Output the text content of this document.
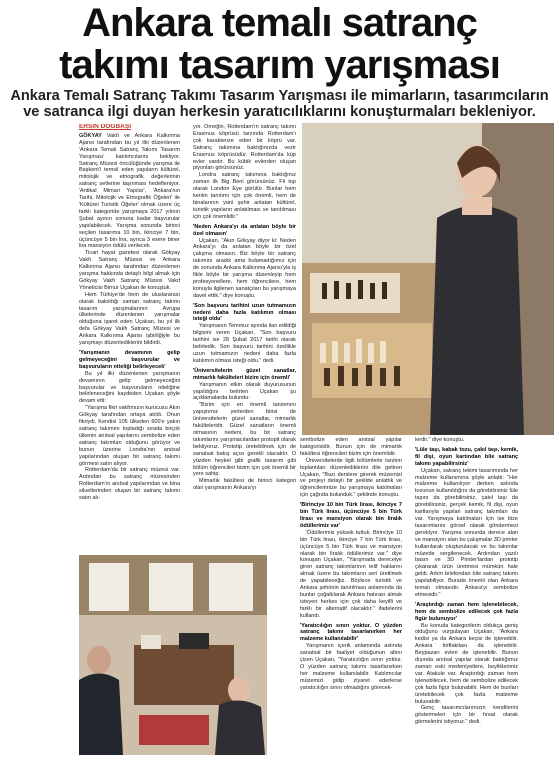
Ankara temalı satranç
takımı tasarım yarışması
Ankara Temalı Satranç Takımı Tasarım Yarışması ile mimarların, tasarımcıların
ve satranca ilgi duyan herkesin yaratıcılıklarını konuşturmaları bekleniyor.
ERSİN DOĞBAŞI

GÖKYAY Vakfı ve Ankara Kalkınma Ajansı tarafından bu yıl ilki düzenlenen 'Ankara Temalı Satranç Takımı Tasarım Yarışması' katılımcılarını bekliyor. Satranç Müzesi öncülüğünde yarışma ile Başkent'i temsil eden yapıların kültürel, mitolojik ve etnografik değerlerinin satranç setlerine taşınması hedefleniyor. 'Antikal Mimari Yapılar', 'Ankara'nın Tarihi, Mitolojik ve Etnografik Öğeleri' ile 'Kültürel Turistik Öğeler' olmak üzere üç farklı kategoride yarışmaya 2017 yılının Şubat ayının sonuna kadar başvurular yapılabilecek. Yarışma sonunda birinci seçilen tasarıma 10 bin, ikinciye 7 bin, üçüncüye 5 bin lira, ayrıca 3 esere biner lira mansiyon ödülü verilecek.

Ticari hayat gazetesi olarak Gökyay Vakfı Satranç Müzesi ve Ankara Kalkınma Ajansı tarafından düzenlenen yarışma hakkında detaylı bilgi almak için Gökyay Vakfı Satranç Müzesi Vakıf Yöneticisi Birnur Uçakan ile konuştuk.

Hem Türkiye'de hem de uluslararası olarak bakıldığı zaman satranç takımı tasarım yarışmalarının Avrupa ülkelerinde düzenlenen yarışmalar olduğuna işaret eden Uçakan, bu yıl ilk defa Gökyay Vakfı Satranç Müzesi ve Ankara Kalkınma Ajansı işbirliğiyle bu yarışmayı düzenlediklerini bildirdi.

'Yarışmanın devamının gelip gelmeyeceğini başvurular ve başvuruların niteliği belirleyecek'

Bu yıl ilki düzenlenen yarışmanın devamının gelip gelmeyeceğini başvurular ve başvuruların niteliğine belirleneceğini kaydeden Uçakan şöyle devam etti:

"Yarışma fikri vakfımızın kurucusu Akın Gökyay tarafından ortaya atıldı. Onun fikriydi. Kendisi 105 ülkeden 600'e yakın satranç takımını topladığı sırada birçok ülkenin anıtsal yapılarını sembolize eden satranç takımları olduğunu görüyor ve bunun üzerine Londra'nın anıtsal yapılarından oluşan bir satranç takımı görmesi satın alıyor.

Rotterdam'da bir satranç müzesi var. Ardından bu satranç müzesinden Rotterdam'ın anıtsal yapılarından ve bina siluetlerinden oluşan bir satranç takımı satın alı-

yor. Örneğin, Rotterdam'ın satranç takımı Erasmus köprüsü tarzında Rotterdam'ı çok karakterize eden bir köprü var. Satranç takımına baktığınızda vezir Erasmus köprüsüdür. Rotterdam'da küp evler vardır. Bu kübik evlerden oluşan piyonları görürsünüz.

Londra satranç takımına baktığınız zaman ilk Big Beni görürsünüz. Fil top olarak London Eye görülür. Bunlar hem kentin tanıtımı için çok önemli, hem de binalarının yani şehir anlatan kültürel, turistik yapıların anlatılması ve tanıtılması için çok önemlidir."

'Neden Ankara'yı da anlatan böyle bir özel olmasın'

Uçakan, "Akın Gökyay diyor ki: Neden Ankara'yı da anlatan böyle bir özel çalışma olmasın. Biz böyle bir satranç takımını aradık ama bulamadığımız için de sonunda Ankara Kalkınma Ajansı'yla iş fikle böyle bir yarışma düzenleyip hem profesyonellere, hem öğrencilere, hem konuyla ilgilenen sanatçıları bu yarışmaya davet ettik." diye konuştu.

'Son başvuru tarihini uzun tutmamızın nedeni daha fazla katılımın olması isteği oldu'

Yarışmanın Temmuz ayında ilan edildiği bilgisini veren Uçakan, "Son başvuru tarihini ise 28 Şubat 2017 tarihi olarak belirledik. Son başvuru tarihini özellikle uzun tutmamızın nedeni daha fazla katılımın olması isteği oldu." dedi.

'Üniversitelerin güzel sanatlar, mimarlık fakülteleri bizim için önemli'

Yarışmanın etkin olarak duyurusunun yapıldığını belirten Uçakan şu açıklamalarda bulundu:

"Bizim için en önemli tanıtımını yapıştımız yerlerden birisi de üniversitelerin güzel sanatlar, mimarlık fakülteleridir. Güzel sanatların önemli olmasının nedeni, bu bir satranç takımlarını yarışmacılardan protopit olarak bekliyoruz. Prototip üretebilmek için de sanatsal bakış açısı gerekli olacaktır. O yüzden heykel gibi grafik tasarım gibi bölüm öğrencileri bizim için çok önemli bir yere sahip.

Mimarlık fakültesi de birinci kategori olan yarışmanın Ankara'yı

sembolize eden anıtsal yapılar kategorisidir. Bunun için de mimarlık fakültesi öğrencileri bizim için önemlidir.

Üniversitelerde ilgili bölümlerle tanıtım toplantıları düzenlediklerini dile getiren Uçakan, "Bazı derslere girerek müzemizi ve projeyi detaylı bir şekilde anlattık ve öğrencilerimize bu yarışmaya katılmaları için çağrıda bulunduk." şeklinde konuştu.

'Birinciye 10 bin Türk lirası, ikinciye 7 bin Türk lirası, üçüncüye 5 bin Türk lirası ve mansiyon olarak bin liralık ödüllerimiz var'

'Ödüllerimiz yüksek tuttuk. Birinciye 10 bin Türk lirası, ikinciye 7 bin Türk lirası, üçüncüye 5 bin Türk lirası ve mansiyon olarak bin liralık ödüllerimiz var." diye konuşan Uçakan, "Yarışmada derecelye giren satranç takımlarının telif haklarını almak üzere bu takımların seri üretilmek de yapabileceğiz. Böylece turistik ve Ankara şehrinin tanıtılması anlamında da bunlar çoğaltılarak Ankara hatırası almak isteyen herkes için çok daha keyifli ve farklı bir alternatif olacaktır." ifadelerini kullandı.

'Yaratıcılığın sınırı yoktur. O yüzden satranç takımı tasarlanırken her malzeme kullanılabilir'

Yarışmanın içerik anlamında aslında sanatsal bir faaliyet olduğunun altını çizen Uçakan, "Yaratıcılığın sınırı yoktur. O yüzden satranç takımı tasarlanırken her malzeme kullanılabilir. Katılımcılar müzemizi gidip ziyaret ederlerse yaratıcılığın sınırı olmadığını görecek-

lerdir." diye konuştu.

'Lüle taşı, kabak tozu, çakıl taşı, kemik, fil dişi, oyun kartından bile satranç takımı yapabilirsiniz'

Uçakan, satranç tekimi tasarımında her malzeme kullanımına şöyle anlattı: "Her malzeme kullanılıyor derken aslında tozunun kullanıldığını da görebilirsiniz lüle taşını da görebilirsiniz, çakıl taşı da görebilirsiniz, gerçek kemik, fil dişi, oyun kartlarıyla yapılan satranç takımları da var. Yarışmaya katılmaları için ise bize tasarımlarını görsel olarak göndermesi gerekiyor. Yarışma sonunda derece alan ve mansiyon alan bu çalışmalar 3D printer kullanılarak oluşturulacak ve bu takımlar müzede sergilenecek. Ardından yazılı basın ve 3D Printer'lardan prototip çıkararak ürün üretmesi mümkün hale geldi. Artım telefondan bile satranç takımı yapılabiliyor. Burada önemli olan Ankara temalı olmasıdır. Ankara'yı sembolize etmesidir."

'Araştırdığı zaman hem işlenebilecek, hem de sembolize edilecek çok fazla figür bulunuyor'

Bu konuda kategorilerin oldukça geniş olduğunu vurgulayan Uçakan, "Ankara kedisi ya da Ankara keçisi de işlenebilir. Ankara tiriftakilası da işlenebilir. Beypazarı evleri de işlenebilir. Bunun dışında anıtsal yapılar olarak baktığımız zaman eski medeniyetlere, beyliklerimiz var. Atakule var. Araştırdığı zaman hem işlenebilecek, hem de sembolize edilecek çok fazla figür bulunabilir. Hem de bunları üretebilecek çok fazla malzeme bulunabilir.

Genç tasarımcılarımızın kendilerini göstermeleri için bir fırsat olarak görmelerini istiyoruz." dedi.
